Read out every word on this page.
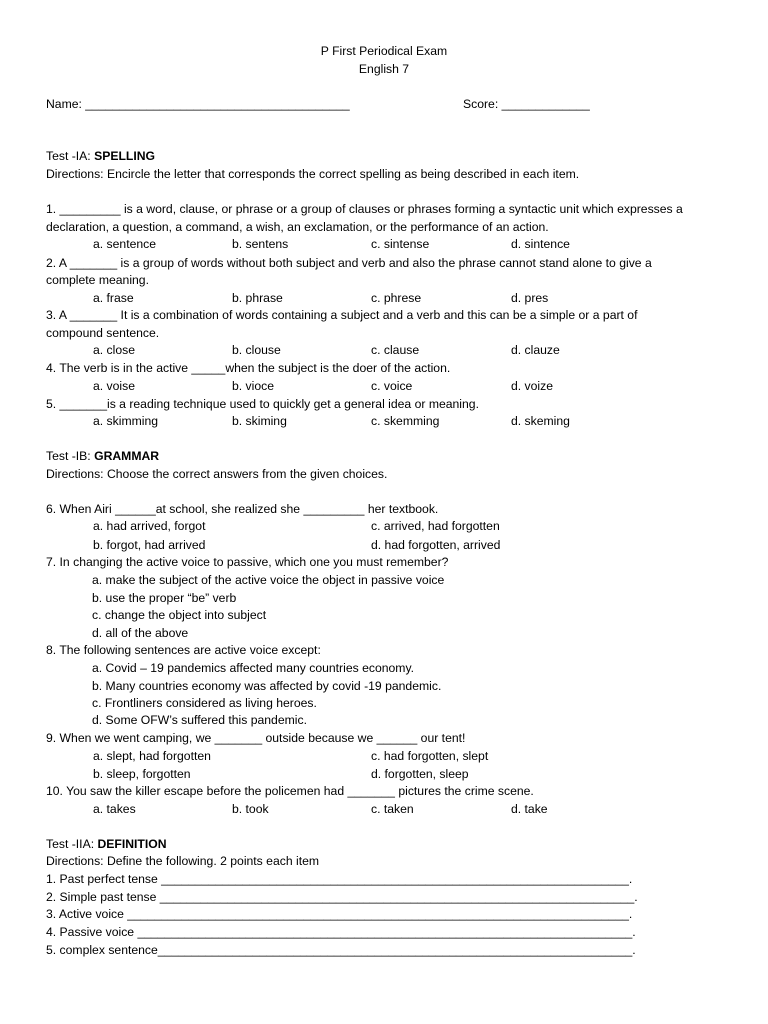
P First Periodical Exam
English 7
Name: _______________________________________	Score: _____________
Test -IA: SPELLING
Directions: Encircle the letter that corresponds the correct spelling as being described in each item.
1. _________ is a word, clause, or phrase or a group of clauses or phrases forming a syntactic unit which expresses a
declaration, a question, a command, a wish, an exclamation, or the performance of an action.
a. sentence	b. sentens	c. sintense	d. sintence
2. A _______ is a group of words without both subject and verb and also the phrase cannot stand alone to give a
complete meaning.
a. frase	b. phrase	c. phrese	d. pres
3. A _______ It is a combination of words containing a subject and a verb and this can be a simple or a part of
compound sentence.
a. close	b. clouse	c. clause	d. clauze
4. The verb is in the active _____when the subject is the doer of the action.
a. voise	b. vioce	c. voice	d. voize
5. _______is a reading technique used to quickly get a general idea or meaning.
a. skimming	b. skiming	c. skemming	d. skeming
Test -IB: GRAMMAR
Directions: Choose the correct answers from the given choices.
6. When Airi ______at school, she realized she _________ her textbook.
a. had arrived, forgot	c. arrived, had forgotten
b. forgot, had arrived	d. had forgotten, arrived
7. In changing the active voice to passive, which one you must remember?
a. make the subject of the active voice the object in passive voice
b. use the proper “be” verb
c. change the object into subject
d. all of the above
8. The following sentences are active voice except:
a. Covid – 19 pandemics affected many countries economy.
b. Many countries economy was affected by covid -19 pandemic.
c. Frontliners considered as living heroes.
d. Some OFW’s suffered this pandemic.
9. When we went camping, we _______ outside because we ______ our tent!
a. slept, had forgotten	c. had forgotten, slept
b. sleep, forgotten	d. forgotten, sleep
10. You saw the killer escape before the policemen had _______ pictures the crime scene.
a. takes	b. took	c. taken	d. take
Test -IIA: DEFINITION
Directions: Define the following. 2 points each item
1. Past perfect tense _____________________________________________________________________.
2. Simple past tense ______________________________________________________________________.
3. Active voice __________________________________________________________________________.
4. Passive voice _________________________________________________________________________.
5. complex sentence______________________________________________________________________.
